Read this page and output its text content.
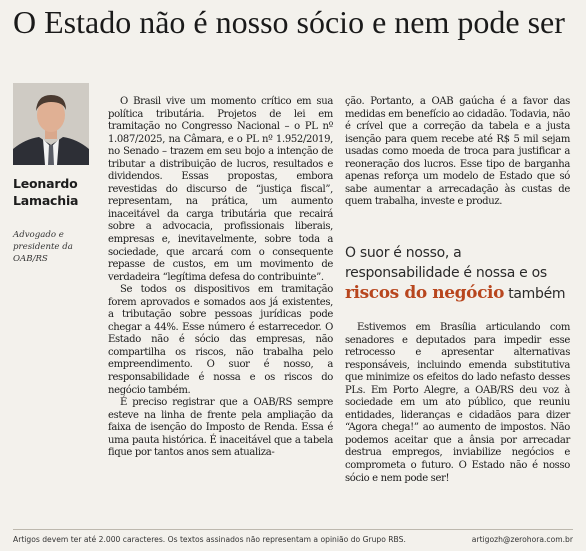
O Estado não é nosso sócio e nem pode ser

Leonardo Lamachia

Advogado e presidente da OAB/RS

O Brasil vive um momento crítico em sua política tributária. Projetos de lei em tramitação no Congresso Nacional – o PL nº 1.087/2025, na Câmara, e o PL nº 1.952/2019, no Senado – trazem em seu bojo a intenção de tributar a distribuição de lucros, resultados e dividendos. Essas propostas, embora revestidas do discurso de “justiça fiscal”, representam, na prática, um aumento inaceitável da carga tributária que recairá sobre a advocacia, profissionais liberais, empresas e, inevitavelmente, sobre toda a sociedade, que arcará com o consequente repasse de custos, em um movimento de verdadeira “legítima defesa do contribuinte”.

Se todos os dispositivos em tramitação forem aprovados e somados aos já existentes, a tributação sobre pessoas jurídicas pode chegar a 44%. Esse número é estarrecedor. O Estado não é sócio das empresas, não compartilha os riscos, não trabalha pelo empreendimento. O suor é nosso, a responsabilidade é nossa e os riscos do negócio também.

É preciso registrar que a OAB/RS sempre esteve na linha de frente pela ampliação da faixa de isenção do Imposto de Renda. Essa é uma pauta histórica. É inaceitável que a tabela fique por tantos anos sem atualiza-

ção. Portanto, a OAB gaúcha é a favor das medidas em benefício ao cidadão. Todavia, não é crível que a correção da tabela e a justa isenção para quem recebe até R$ 5 mil sejam usadas como moeda de troca para justificar a reoneração dos lucros. Esse tipo de barganha apenas reforça um modelo de Estado que só sabe aumentar a arrecadação às custas de quem trabalha, investe e produz.

O suor é nosso, a responsabilidade é nossa e os riscos do negócio também

Estivemos em Brasília articulando com senadores e deputados para impedir esse retrocesso e apresentar alternativas responsáveis, incluindo emenda substitutiva que minimize os efeitos do lado nefasto desses PLs. Em Porto Alegre, a OAB/RS deu voz à sociedade em um ato público, que reuniu entidades, lideranças e cidadãos para dizer “Agora chega!” ao aumento de impostos. Não podemos aceitar que a ânsia por arrecadar destrua empregos, inviabilize negócios e comprometa o futuro. O Estado não é nosso sócio e nem pode ser!

Artigos devem ter até 2.000 caracteres. Os textos assinados não representam a opinião do Grupo RBS.	artigozh@zerohora.com.br
